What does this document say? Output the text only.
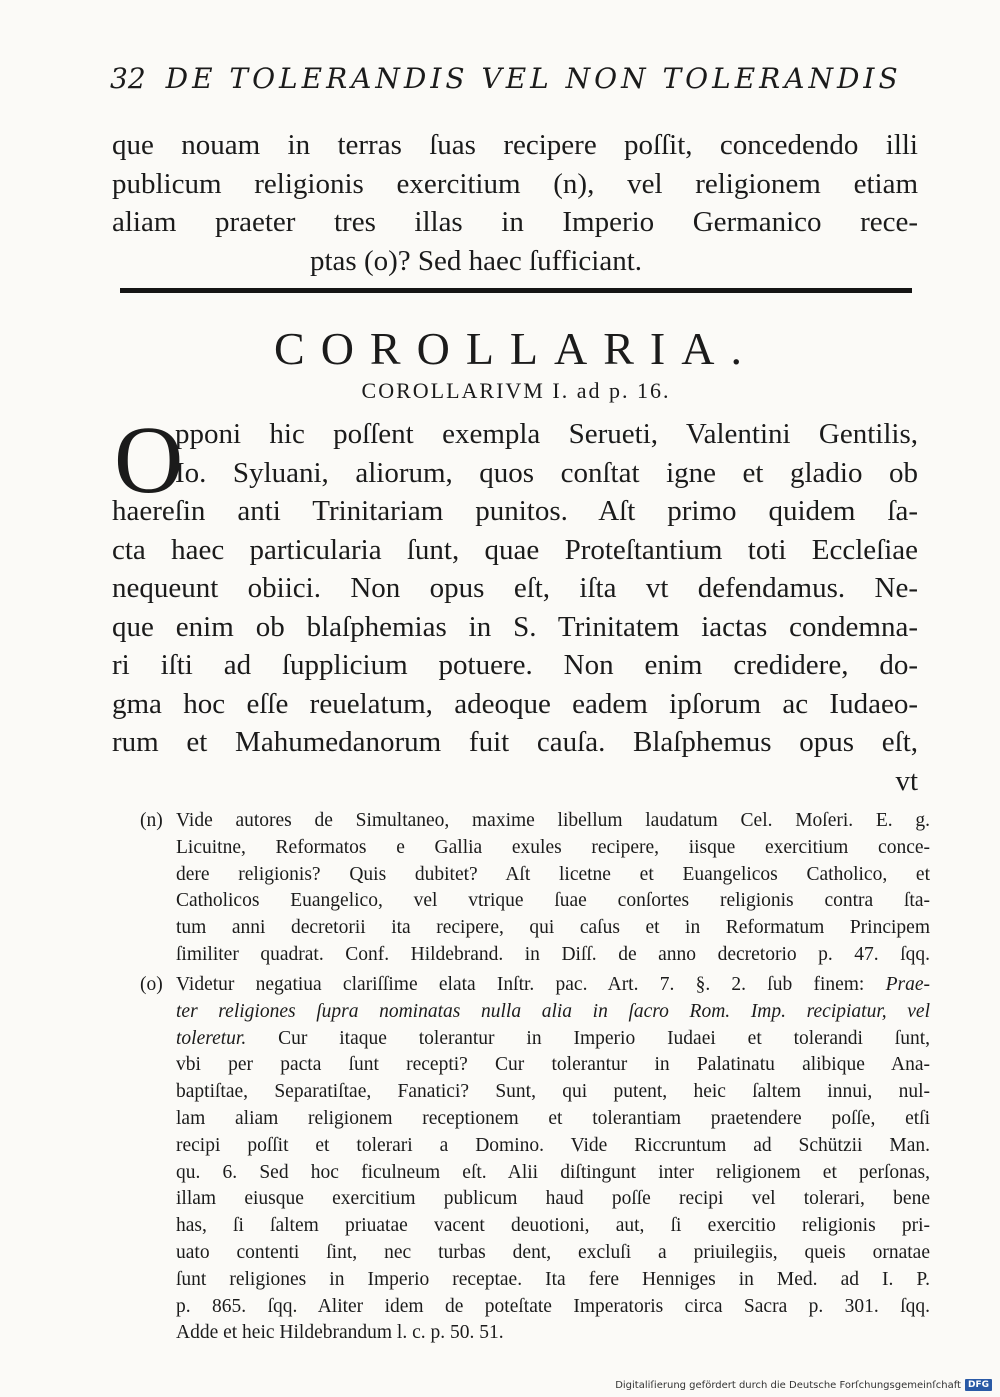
32 DE TOLERANDIS VEL NON TOLERANDIS
que nouam in terras ſuas recipere poſſit, concedendo illi
publicum religionis exercitium (n), vel religionem etiam
aliam praeter tres illas in Imperio Germanico rece-
ptas (o)? Sed haec ſufficiant.
COROLLARIA.
COROLLARIVM I. ad p. 16.
O
pponi hic poſſent exempla Serueti, Valentini Gentilis,
Io. Syluani, aliorum, quos conſtat igne et gladio ob
haereſin anti Trinitariam punitos. Aſt primo quidem ſa-
cta haec particularia ſunt, quae Proteſtantium toti Eccleſiae
nequeunt obiici. Non opus eſt, iſta vt defendamus. Ne-
que enim ob blaſphemias in S. Trinitatem iactas condemna-
ri iſti ad ſupplicium potuere. Non enim credidere, do-
gma hoc eſſe reuelatum, adeoque eadem ipſorum ac Iudaeo-
rum et Mahumedanorum fuit cauſa. Blaſphemus opus eſt,
vt
(n) Vide autores de Simultaneo, maxime libellum laudatum Cel. Moſeri. E. g.
Licuitne, Reformatos e Gallia exules recipere, iisque exercitium conce-
dere religionis? Quis dubitet? Aſt licetne et Euangelicos Catholico, et
Catholicos Euangelico, vel vtrique ſuae conſortes religionis contra ſta-
tum anni decretorii ita recipere, qui caſus et in Reformatum Principem
ſimiliter quadrat. Conf. Hildebrand. in Diſſ. de anno decretorio p. 47. ſqq.
(o) Videtur negatiua clariſſime elata Inſtr. pac. Art. 7. §. 2. ſub finem: Prae-
ter religiones ſupra nominatas nulla alia in ſacro Rom. Imp. recipiatur, vel
toleretur. Cur itaque tolerantur in Imperio Iudaei et tolerandi ſunt,
vbi per pacta ſunt recepti? Cur tolerantur in Palatinatu alibique Ana-
baptiſtae, Separatiſtae, Fanatici? Sunt, qui putent, heic ſaltem innui, nul-
lam aliam religionem receptionem et tolerantiam praetendere poſſe, etſi
recipi poſſit et tolerari a Domino. Vide Riccruntum ad Schützii Man.
qu. 6. Sed hoc ficulneum eſt. Alii diſtingunt inter religionem et perſonas,
illam eiusque exercitium publicum haud poſſe recipi vel tolerari, bene
has, ſi ſaltem priuatae vacent deuotioni, aut, ſi exercitio religionis pri-
uato contenti ſint, nec turbas dent, excluſi a priuilegiis, queis ornatae
ſunt religiones in Imperio receptae. Ita fere Henniges in Med. ad I. P.
p. 865. ſqq. Aliter idem de poteſtate Imperatoris circa Sacra p. 301. ſqq.
Adde et heic Hildebrandum l. c. p. 50. 51.
Digitaliſierung gefördert durch die Deutsche Forſchungsgemeinſchaft DFG
